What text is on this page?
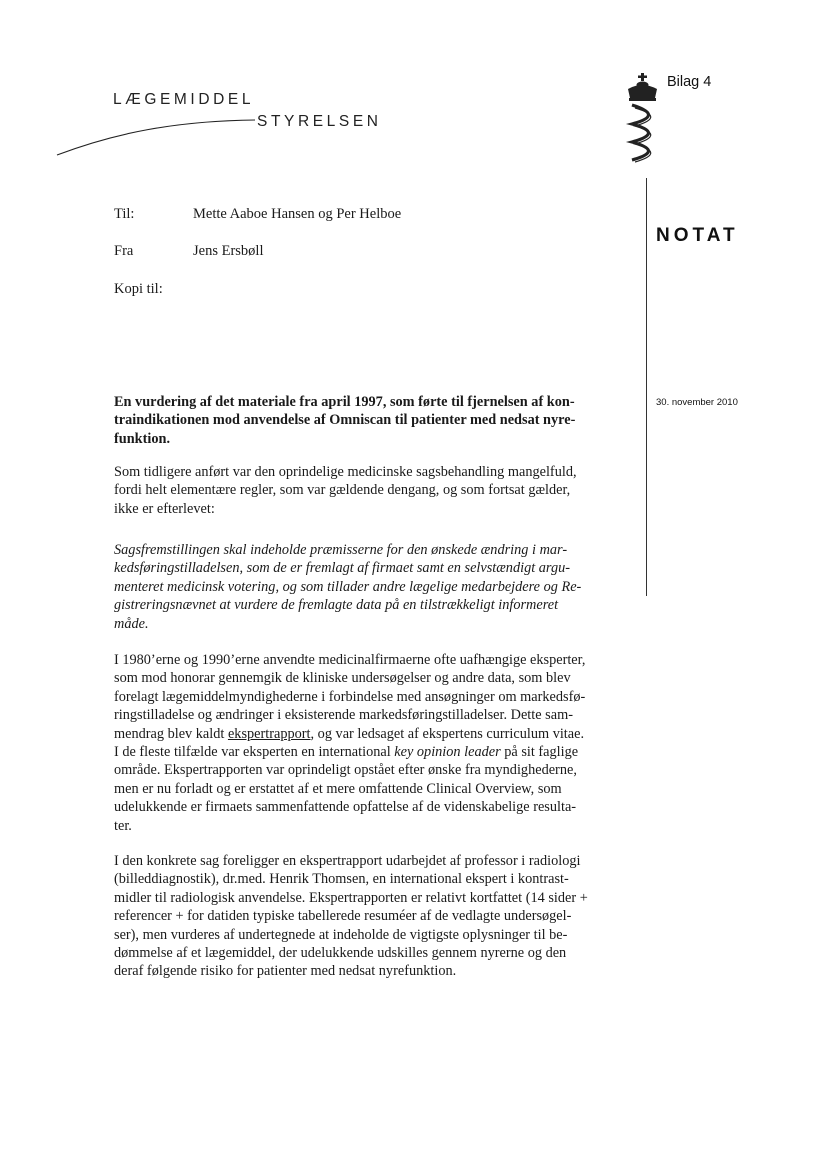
LÆGEMIDDEL
STYRELSEN
Bilag 4
NOTAT
30. november 2010
Til:	Mette Aaboe Hansen og Per Helboe
Fra	Jens Ersbøll
Kopi til:
En vurdering af det materiale fra april 1997, som førte til fjernelsen af kon-
traindikationen mod anvendelse af Omniscan til patienter med nedsat nyre-
funktion.
Som tidligere anført var den oprindelige medicinske sagsbehandling mangelfuld,
fordi helt elementære regler, som var gældende dengang, og som fortsat gælder,
ikke er efterlevet:
Sagsfremstillingen skal indeholde præmisserne for den ønskede ændring i mar-
kedsføringstilladelsen, som de er fremlagt af firmaet samt en selvstændigt argu-
menteret medicinsk votering, og som tillader andre lægelige medarbejdere og Re-
gistreringsnævnet at vurdere de fremlagte data på en tilstrækkeligt informeret
måde.
I 1980’erne og 1990’erne anvendte medicinalfirmaerne ofte uafhængige eksperter,
som mod honorar gennemgik de kliniske undersøgelser og andre data, som blev
forelagt lægemiddelmyndighederne i forbindelse med ansøgninger om markedsfø-
ringstilladelse og ændringer i eksisterende markedsføringstilladelser. Dette sam-
mendrag blev kaldt ekspertrapport, og var ledsaget af ekspertens curriculum vitae.
I de fleste tilfælde var eksperten en international key opinion leader på sit faglige
område. Ekspertrapporten var oprindeligt opstået efter ønske fra myndighederne,
men er nu forladt og er erstattet af et mere omfattende Clinical Overview, som
udelukkende er firmaets sammenfattende opfattelse af de videnskabelige resulta-
ter.
I den konkrete sag foreligger en ekspertrapport udarbejdet af professor i radiologi
(billeddiagnostik), dr.med. Henrik Thomsen, en international ekspert i kontrast-
midler til radiologisk anvendelse. Ekspertrapporten er relativt kortfattet (14 sider +
referencer + for datiden typiske tabellerede resuméer af de vedlagte undersøgel-
ser), men vurderes af undertegnede at indeholde de vigtigste oplysninger til be-
dømmelse af et lægemiddel, der udelukkende udskilles gennem nyrerne og den
deraf følgende risiko for patienter med nedsat nyrefunktion.
